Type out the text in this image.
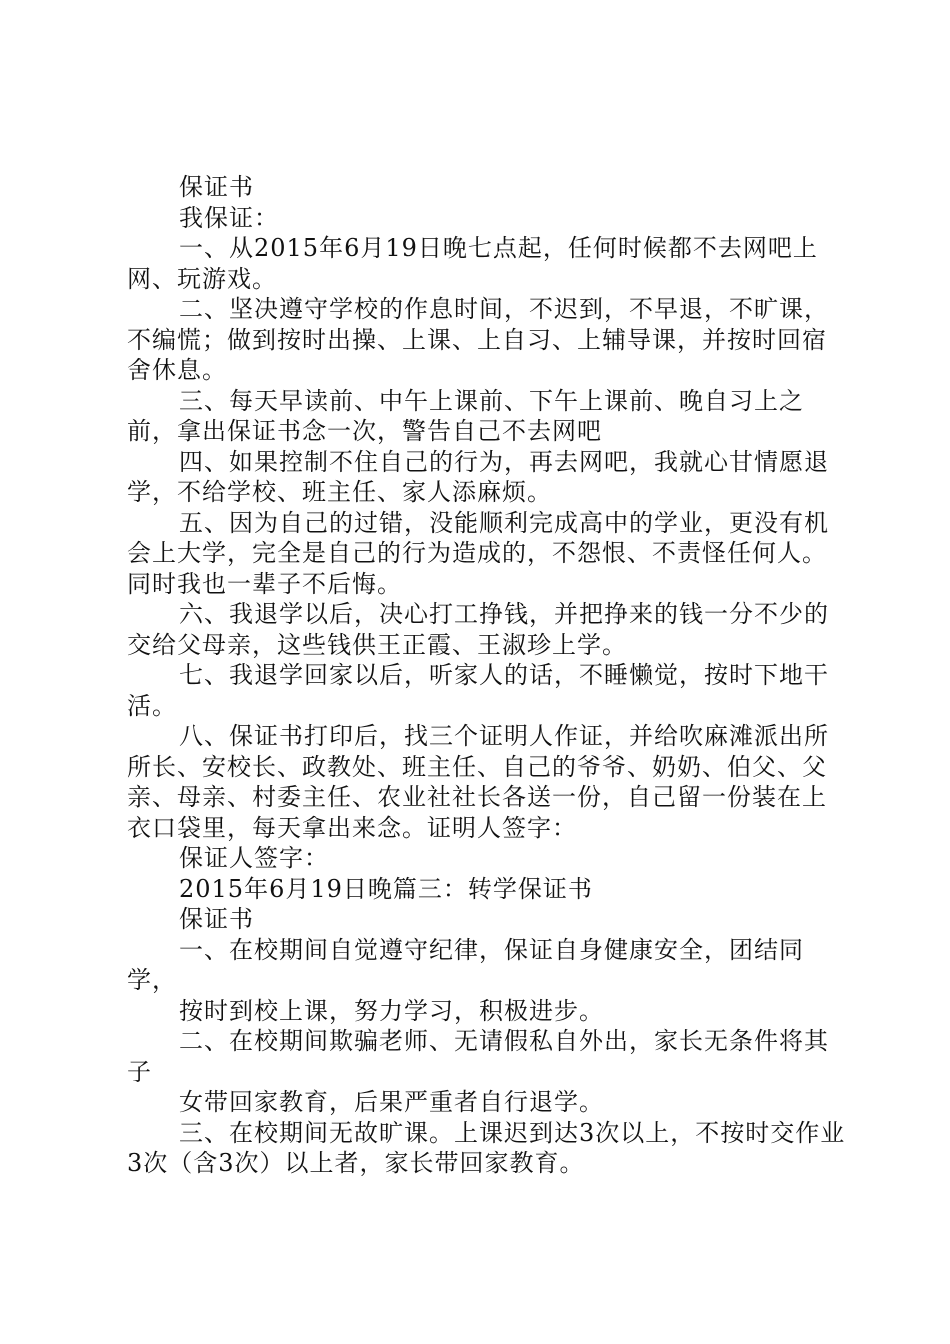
保证书

我保证：

一、从2015年6月19日晚七点起，任何时候都不去网吧上网、玩游戏。

二、坚决遵守学校的作息时间，不迟到，不早退，不旷课，不编慌；做到按时出操、上课、上自习、上辅导课，并按时回宿舍休息。

三、每天早读前、中午上课前、下午上课前、晚自习上之前，拿出保证书念一次，警告自己不去网吧

四、如果控制不住自己的行为，再去网吧，我就心甘情愿退学，不给学校、班主任、家人添麻烦。

五、因为自己的过错，没能顺利完成高中的学业，更没有机会上大学，完全是自己的行为造成的，不怨恨、不责怪任何人。同时我也一辈子不后悔。

六、我退学以后，决心打工挣钱，并把挣来的钱一分不少的交给父母亲，这些钱供王正霞、王淑珍上学。

七、我退学回家以后，听家人的话，不睡懒觉，按时下地干活。

八、保证书打印后，找三个证明人作证，并给吹麻滩派出所所长、安校长、政教处、班主任、自己的爷爷、奶奶、伯父、父亲、母亲、村委主任、农业社社长各送一份，自己留一份装在上衣口袋里，每天拿出来念。证明人签字：

保证人签字：

2015年6月19日晚篇三：转学保证书

保证书

一、在校期间自觉遵守纪律，保证自身健康安全，团结同学，

按时到校上课，努力学习，积极进步。

二、在校期间欺骗老师、无请假私自外出，家长无条件将其子

女带回家教育，后果严重者自行退学。

三、在校期间无故旷课。上课迟到达3次以上，不按时交作业3次（含3次）以上者，家长带回家教育。
